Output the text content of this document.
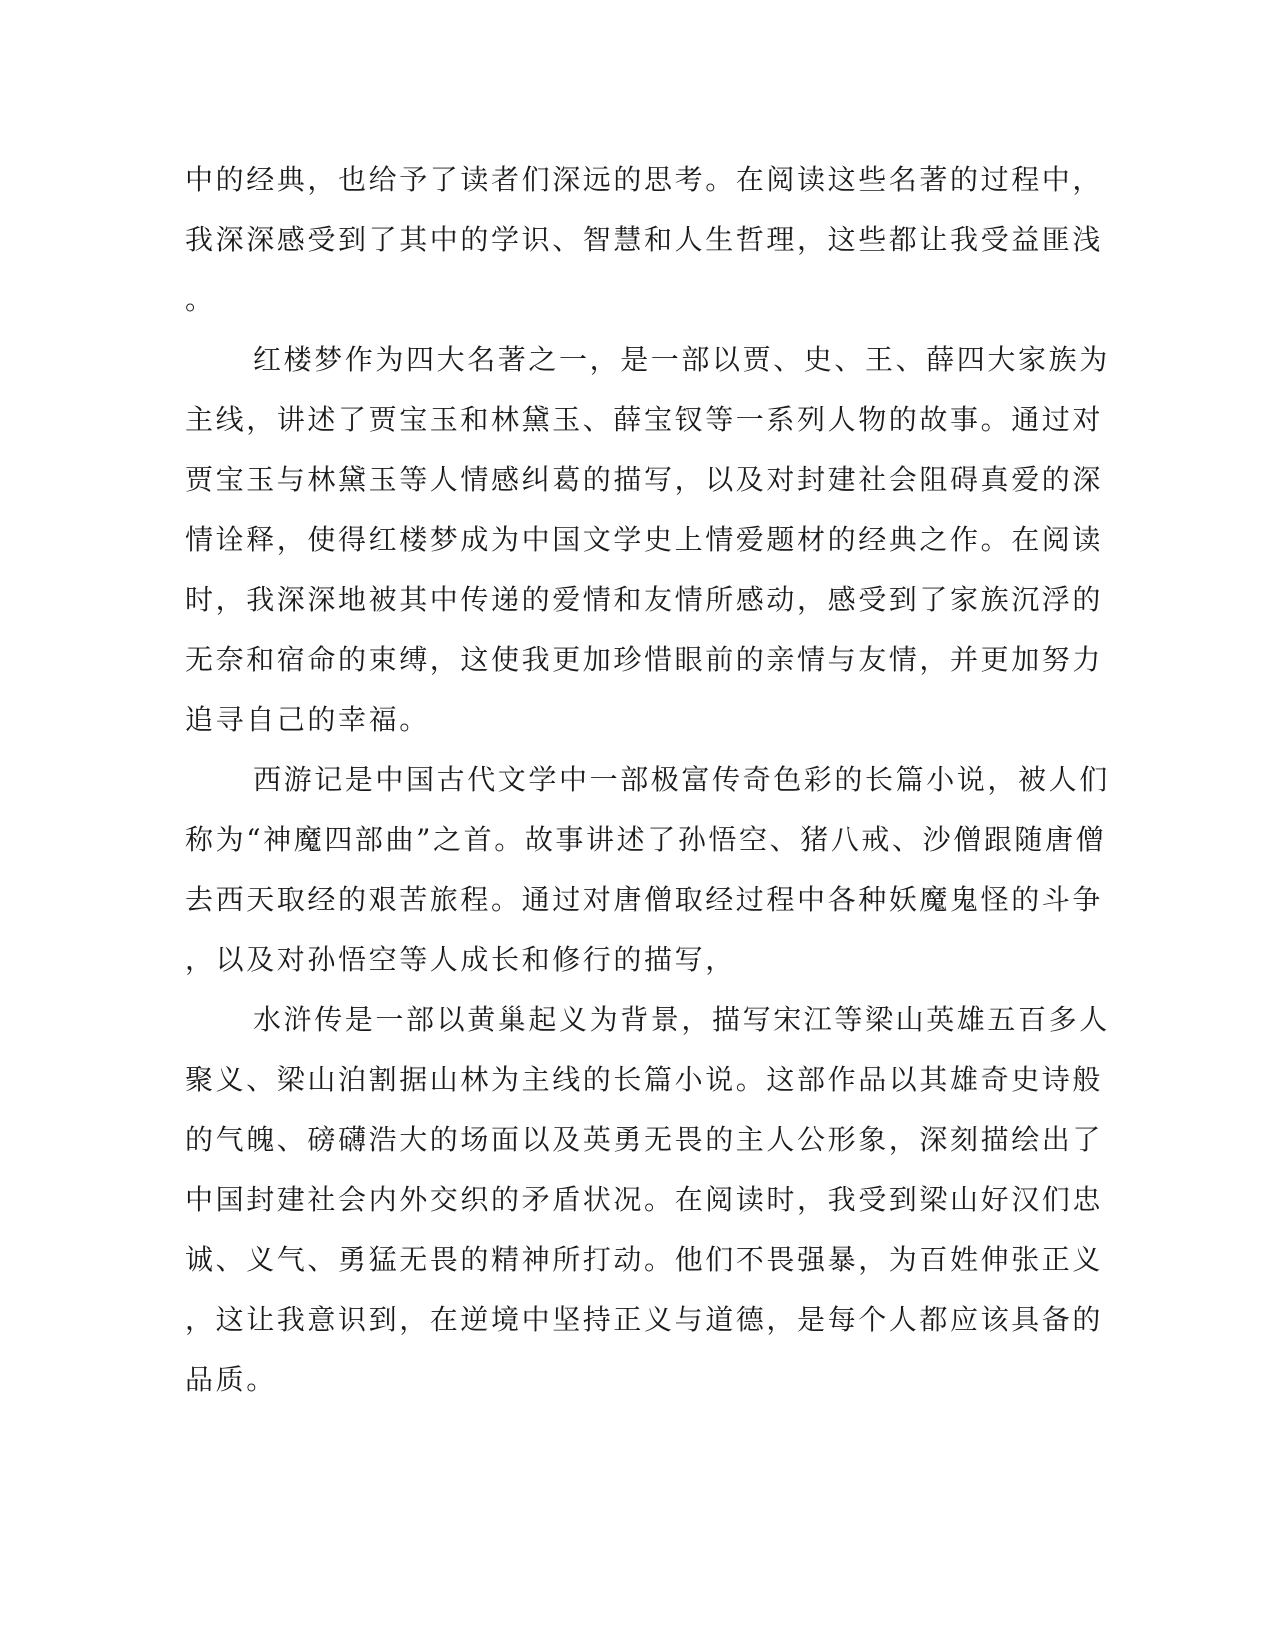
中的经典，也给予了读者们深远的思考。在阅读这些名著的过程中，
我深深感受到了其中的学识、智慧和人生哲理，这些都让我受益匪浅
。
红楼梦作为四大名著之一，是一部以贾、史、王、薛四大家族为
主线，讲述了贾宝玉和林黛玉、薛宝钗等一系列人物的故事。通过对
贾宝玉与林黛玉等人情感纠葛的描写，以及对封建社会阻碍真爱的深
情诠释，使得红楼梦成为中国文学史上情爱题材的经典之作。在阅读
时，我深深地被其中传递的爱情和友情所感动，感受到了家族沉浮的
无奈和宿命的束缚，这使我更加珍惜眼前的亲情与友情，并更加努力
追寻自己的幸福。
西游记是中国古代文学中一部极富传奇色彩的长篇小说，被人们
称为“神魔四部曲”之首。故事讲述了孙悟空、猪八戒、沙僧跟随唐僧
去西天取经的艰苦旅程。通过对唐僧取经过程中各种妖魔鬼怪的斗争
，以及对孙悟空等人成长和修行的描写，
水浒传是一部以黄巢起义为背景，描写宋江等梁山英雄五百多人
聚义、梁山泊割据山林为主线的长篇小说。这部作品以其雄奇史诗般
的气魄、磅礴浩大的场面以及英勇无畏的主人公形象，深刻描绘出了
中国封建社会内外交织的矛盾状况。在阅读时，我受到梁山好汉们忠
诚、义气、勇猛无畏的精神所打动。他们不畏强暴，为百姓伸张正义
，这让我意识到，在逆境中坚持正义与道德，是每个人都应该具备的
品质。
